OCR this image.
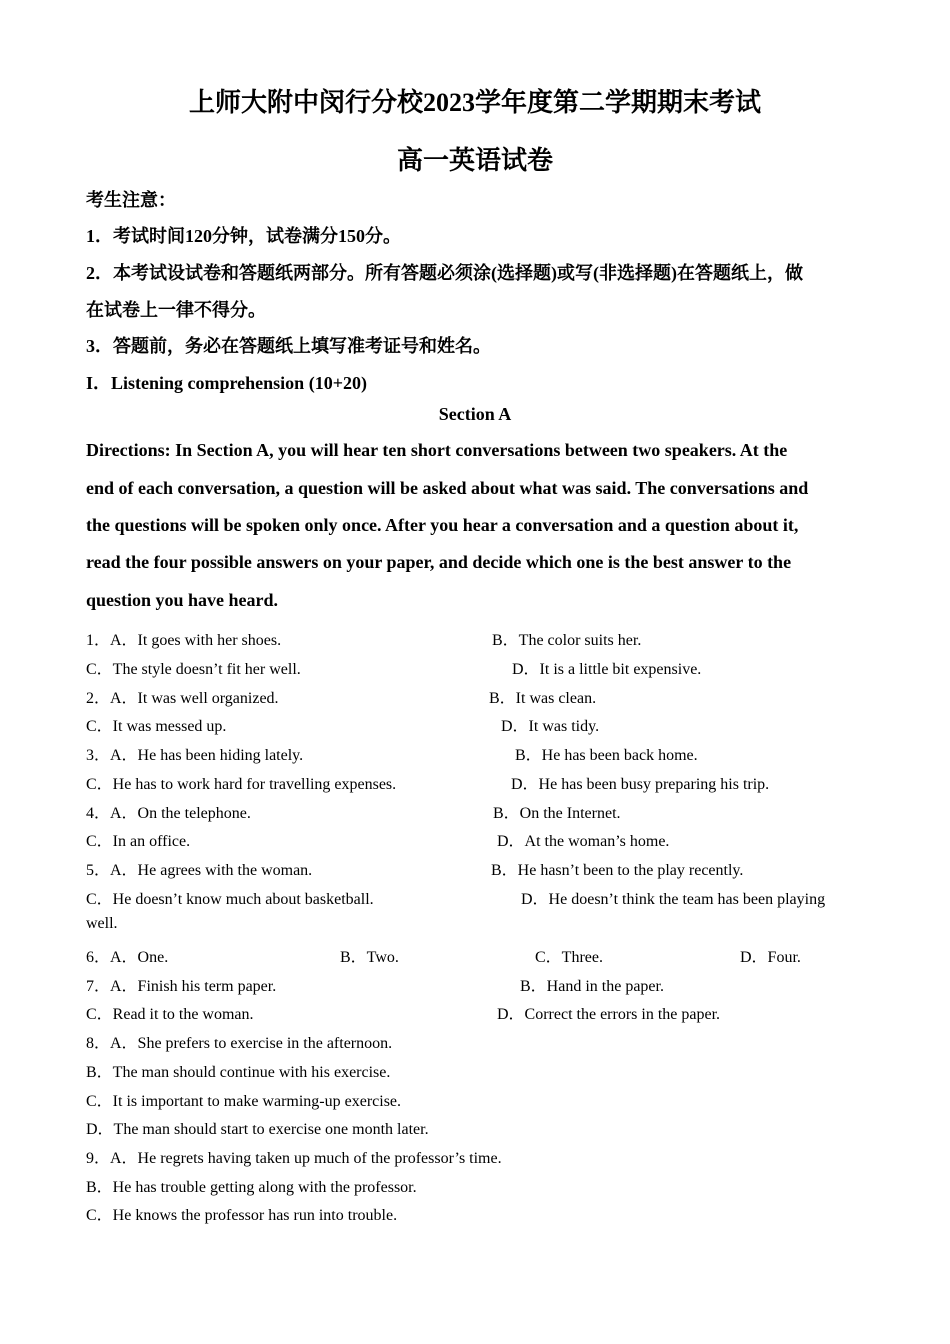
上师大附中闵行分校2023学年度第二学期期末考试
高一英语试卷
考生注意：
1．考试时间120分钟，试卷满分150分。
2．本考试设试卷和答题纸两部分。所有答题必须涂(选择题)或写(非选择题)在答题纸上，做
在试卷上一律不得分。
3．答题前，务必在答题纸上填写准考证号和姓名。
I．Listening comprehension (10+20)
Section A
Directions: In Section A, you will hear ten short conversations between two speakers. At the
end of each conversation, a question will be asked about what was said. The conversations and
the questions will be spoken only once. After you hear a conversation and a question about it,
read the four possible answers on your paper, and decide which one is the best answer to the
question you have heard.
1．A．It goes with her shoes.	B．The color suits her.
C．The style doesn’t fit her well.	D．It is a little bit expensive.
2．A．It was well organized.	B．It was clean.
C．It was messed up.	D．It was tidy.
3．A．He has been hiding lately.	B．He has been back home.
C．He has to work hard for travelling expenses.	D．He has been busy preparing his trip.
4．A．On the telephone.	B．On the Internet.
C．In an office.	D．At the woman’s home.
5．A．He agrees with the woman.	B．He hasn’t been to the play recently.
C．He doesn’t know much about basketball.	D．He doesn’t think the team has been playing
well.
6．A．One.	B．Two.	C．Three.	D．Four.
7．A．Finish his term paper.	B．Hand in the paper.
C．Read it to the woman.	D．Correct the errors in the paper.
8．A．She prefers to exercise in the afternoon.
B．The man should continue with his exercise.
C．It is important to make warming-up exercise.
D．The man should start to exercise one month later.
9．A．He regrets having taken up much of the professor’s time.
B．He has trouble getting along with the professor.
C．He knows the professor has run into trouble.
